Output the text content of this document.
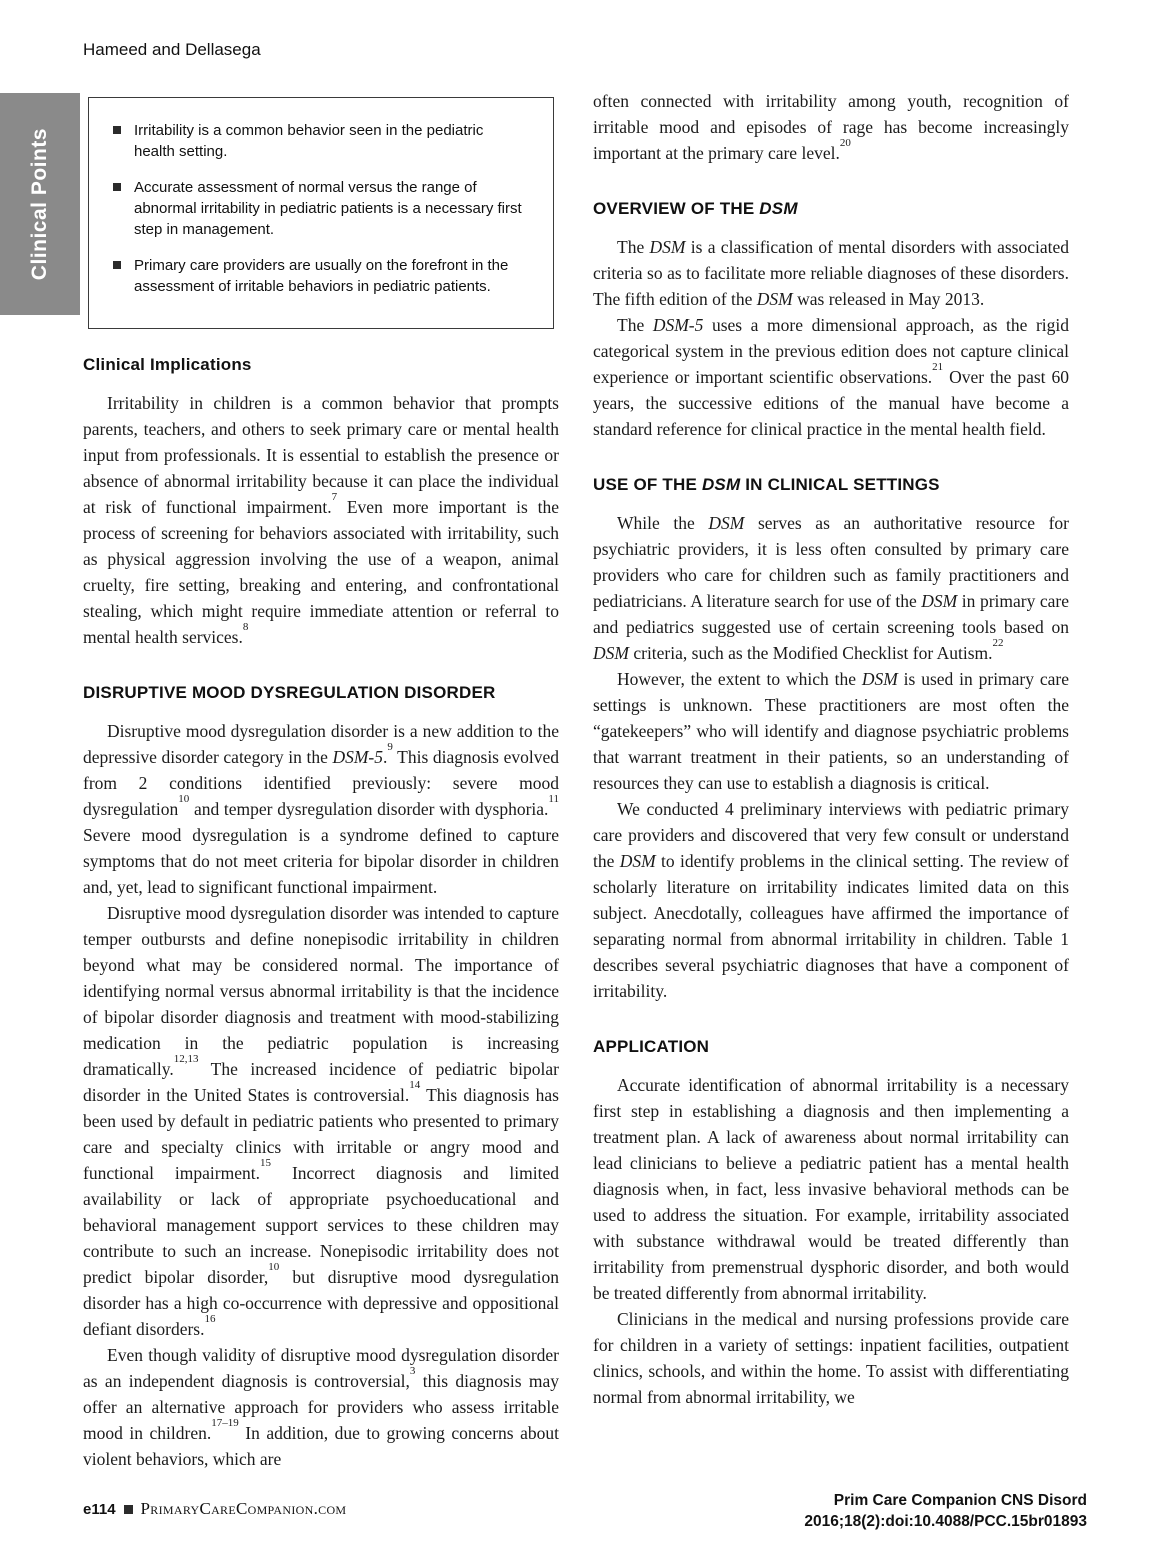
Hameed and Dellasega
Clinical Points	Irritability is a common behavior seen in the pediatric health setting.
Accurate assessment of normal versus the range of abnormal irritability in pediatric patients is a necessary first step in management.
Primary care providers are usually on the forefront in the assessment of irritable behaviors in pediatric patients.
Clinical Implications

Irritability in children is a common behavior that prompts parents, teachers, and others to seek primary care or mental health input from professionals. It is essential to establish the presence or absence of abnormal irritability because it can place the individual at risk of functional impairment.$^7$ Even more important is the process of screening for behaviors associated with irritability, such as physical aggression involving the use of a weapon, animal cruelty, fire setting, breaking and entering, and confrontational stealing, which might require immediate attention or referral to mental health services.$^8$

DISRUPTIVE MOOD DYSREGULATION DISORDER

Disruptive mood dysregulation disorder is a new addition to the depressive disorder category in the DSM-5.$^9$ This diagnosis evolved from 2 conditions identified previously: severe mood dysregulation$^{10}$ and temper dysregulation disorder with dysphoria.$^{11}$ Severe mood dysregulation is a syndrome defined to capture symptoms that do not meet criteria for bipolar disorder in children and, yet, lead to significant functional impairment.

Disruptive mood dysregulation disorder was intended to capture temper outbursts and define nonepisodic irritability in children beyond what may be considered normal. The importance of identifying normal versus abnormal irritability is that the incidence of bipolar disorder diagnosis and treatment with mood-stabilizing medication in the pediatric population is increasing dramatically.$^{12,13}$ The increased incidence of pediatric bipolar disorder in the United States is controversial.$^{14}$ This diagnosis has been used by default in pediatric patients who presented to primary care and specialty clinics with irritable or angry mood and functional impairment.$^{15}$ Incorrect diagnosis and limited availability or lack of appropriate psychoeducational and behavioral management support services to these children may contribute to such an increase. Nonepisodic irritability does not predict bipolar disorder,$^{10}$ but disruptive mood dysregulation disorder has a high co-occurrence with depressive and oppositional defiant disorders.$^{16}$

Even though validity of disruptive mood dysregulation disorder as an independent diagnosis is controversial,$^3$ this diagnosis may offer an alternative approach for providers who assess irritable mood in children.$^{17-19}$ In addition, due to growing concerns about violent behaviors, which are

often connected with irritability among youth, recognition of irritable mood and episodes of rage has become increasingly important at the primary care level.$^{20}$

OVERVIEW OF THE DSM

The DSM is a classification of mental disorders with associated criteria so as to facilitate more reliable diagnoses of these disorders. The fifth edition of the DSM was released in May 2013.

The DSM-5 uses a more dimensional approach, as the rigid categorical system in the previous edition does not capture clinical experience or important scientific observations.$^{21}$ Over the past 60 years, the successive editions of the manual have become a standard reference for clinical practice in the mental health field.

USE OF THE DSM IN CLINICAL SETTINGS

While the DSM serves as an authoritative resource for psychiatric providers, it is less often consulted by primary care providers who care for children such as family practitioners and pediatricians. A literature search for use of the DSM in primary care and pediatrics suggested use of certain screening tools based on DSM criteria, such as the Modified Checklist for Autism.$^{22}$

However, the extent to which the DSM is used in primary care settings is unknown. These practitioners are most often the “gatekeepers” who will identify and diagnose psychiatric problems that warrant treatment in their patients, so an understanding of resources they can use to establish a diagnosis is critical.

We conducted 4 preliminary interviews with pediatric primary care providers and discovered that very few consult or understand the DSM to identify problems in the clinical setting. The review of scholarly literature on irritability indicates limited data on this subject. Anecdotally, colleagues have affirmed the importance of separating normal from abnormal irritability in children. Table 1 describes several psychiatric diagnoses that have a component of irritability.

APPLICATION

Accurate identification of abnormal irritability is a necessary first step in establishing a diagnosis and then implementing a treatment plan. A lack of awareness about normal irritability can lead clinicians to believe a pediatric patient has a mental health diagnosis when, in fact, less invasive behavioral methods can be used to address the situation. For example, irritability associated with substance withdrawal would be treated differently than irritability from premenstrual dysphoric disorder, and both would be treated differently from abnormal irritability.

Clinicians in the medical and nursing professions provide care for children in a variety of settings: inpatient facilities, outpatient clinics, schools, and within the home. To assist with differentiating normal from abnormal irritability, we

e114 PrimaryCareCompanion.com	Prim Care Companion CNS Disord
2016;18(2):doi:10.4088/PCC.15br01893
